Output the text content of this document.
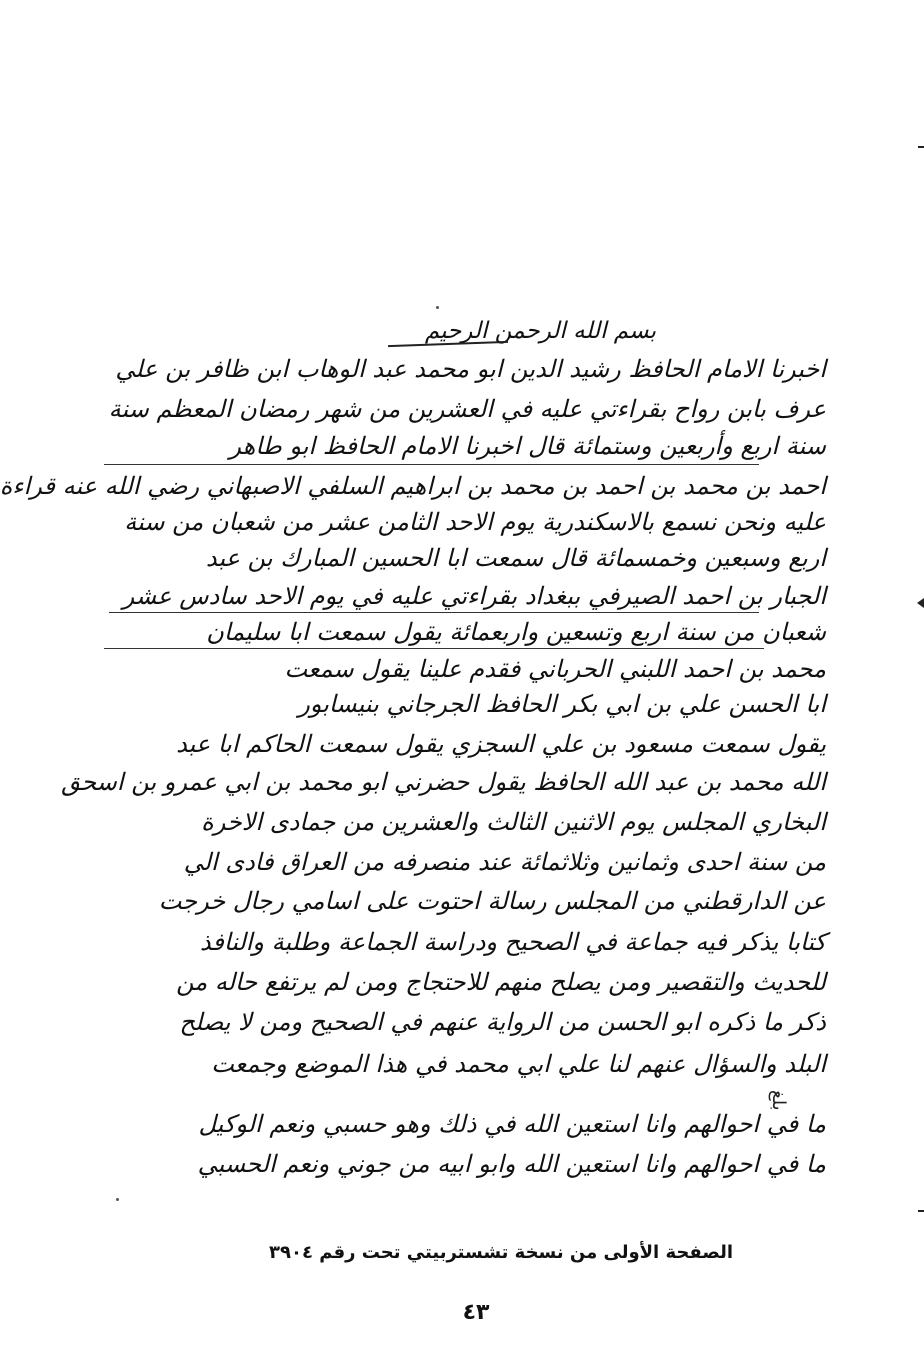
بسم الله الرحمن الرحيم
اخبرنا الامام الحافظ رشيد الدين ابو محمد عبد الوهاب ابن ظافر بن علي
عرف بابن رواح بقراءتي عليه في العشرين من شهر رمضان المعظم سنة
سنة اربع وأربعين وستمائة قال اخبرنا الامام الحافظ ابو طاهر
احمد بن محمد بن احمد بن محمد بن ابراهيم السلفي الاصبهاني رضي الله عنه قراءة
عليه ونحن نسمع بالاسكندرية يوم الاحد الثامن عشر من شعبان من سنة
اربع وسبعين وخمسمائة قال سمعت ابا الحسين المبارك بن عبد
الجبار بن احمد الصيرفي ببغداد بقراءتي عليه في يوم الاحد سادس عشر
شعبان من سنة اربع وتسعين واربعمائة يقول سمعت ابا سليمان
محمد بن احمد اللبني الحرباني فقدم علينا يقول سمعت
ابا الحسن علي بن ابي بكر الحافظ الجرجاني بنيسابور
يقول سمعت مسعود بن علي السجزي يقول سمعت الحاكم ابا عبد
الله محمد بن عبد الله الحافظ يقول حضرني ابو محمد بن ابي عمرو بن اسحق
البخاري المجلس يوم الاثنين الثالث والعشرين من جمادى الاخرة
من سنة احدى وثمانين وثلاثمائة عند منصرفه من العراق فادى الي
عن الدارقطني من المجلس رسالة احتوت على اسامي رجال خرجت
كتابا يذكر فيه جماعة في الصحيح ودراسة الجماعة وطلبة والنافذ
للحديث والتقصير ومن يصلح منهم للاحتجاج ومن لم يرتفع حاله من
ذكر ما ذكره ابو الحسن من الرواية عنهم في الصحيح ومن لا يصلح
البلد والسؤال عنهم لنا علي ابي محمد في هذا الموضع وجمعت
ما في احوالهم وانا استعين الله في ذلك وهو حسبي ونعم الوكيل
ما في احوالهم وانا استعين الله وابو ابيه من جوني ونعم الحسبي
بلغ
الصفحة الأولى من نسخة تشستربيتي تحت رقم ٣٩٠٤
٤٣
